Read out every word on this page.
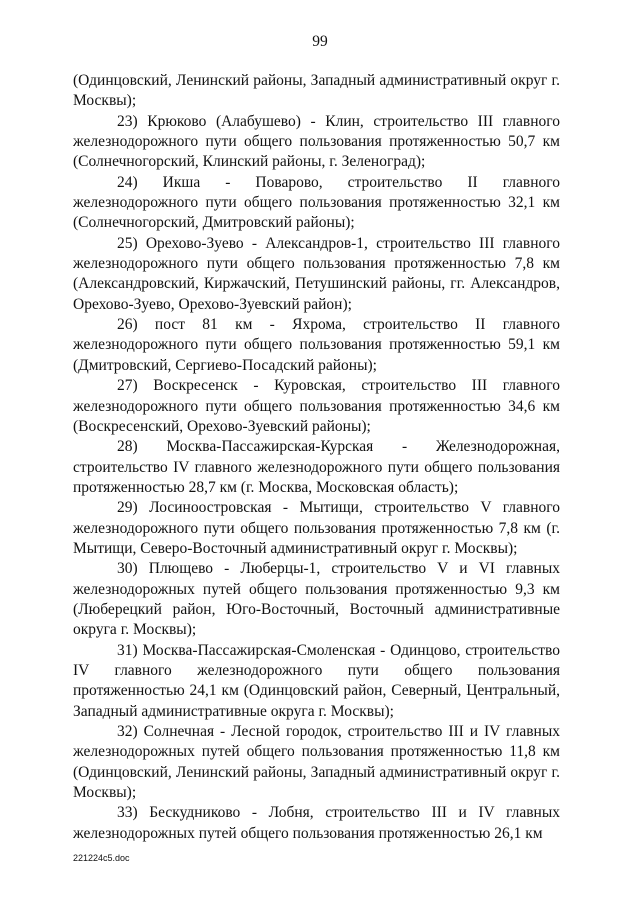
99

(Одинцовский, Ленинский районы, Западный административный округ г. Москвы);

23) Крюково (Алабушево) - Клин, строительство III главного железнодорожного пути общего пользования протяженностью 50,7 км (Солнечногорский, Клинский районы, г. Зеленоград);

24) Икша - Поварово, строительство II главного железнодорожного пути общего пользования протяженностью 32,1 км (Солнечногорский, Дмитровский районы);

25) Орехово-Зуево - Александров-1, строительство III главного железнодорожного пути общего пользования протяженностью 7,8 км (Александровский, Киржачский, Петушинский районы, гг. Александров, Орехово-Зуево, Орехово-Зуевский район);

26) пост 81 км - Яхрома, строительство II главного железнодорожного пути общего пользования протяженностью 59,1 км (Дмитровский, Сергиево-Посадский районы);

27) Воскресенск - Куровская, строительство III главного железнодорожного пути общего пользования протяженностью 34,6 км (Воскресенский, Орехово-Зуевский районы);

28) Москва-Пассажирская-Курская - Железнодорожная, строительство IV главного железнодорожного пути общего пользования протяженностью 28,7 км (г. Москва, Московская область);

29) Лосиноостровская - Мытищи, строительство V главного железнодорожного пути общего пользования протяженностью 7,8 км (г. Мытищи, Северо-Восточный административный округ г. Москвы);

30) Плющево - Люберцы-1, строительство V и VI главных железнодорожных путей общего пользования протяженностью 9,3 км (Люберецкий район, Юго-Восточный, Восточный административные округа г. Москвы);

31) Москва-Пассажирская-Смоленская - Одинцово, строительство IV главного железнодорожного пути общего пользования протяженностью 24,1 км (Одинцовский район, Северный, Центральный, Западный административные округа г. Москвы);

32) Солнечная - Лесной городок, строительство III и IV главных железнодорожных путей общего пользования протяженностью 11,8 км (Одинцовский, Ленинский районы, Западный административный округ г. Москвы);

33) Бескудниково - Лобня, строительство III и IV главных железнодорожных путей общего пользования протяженностью 26,1 км

221224c5.doc
